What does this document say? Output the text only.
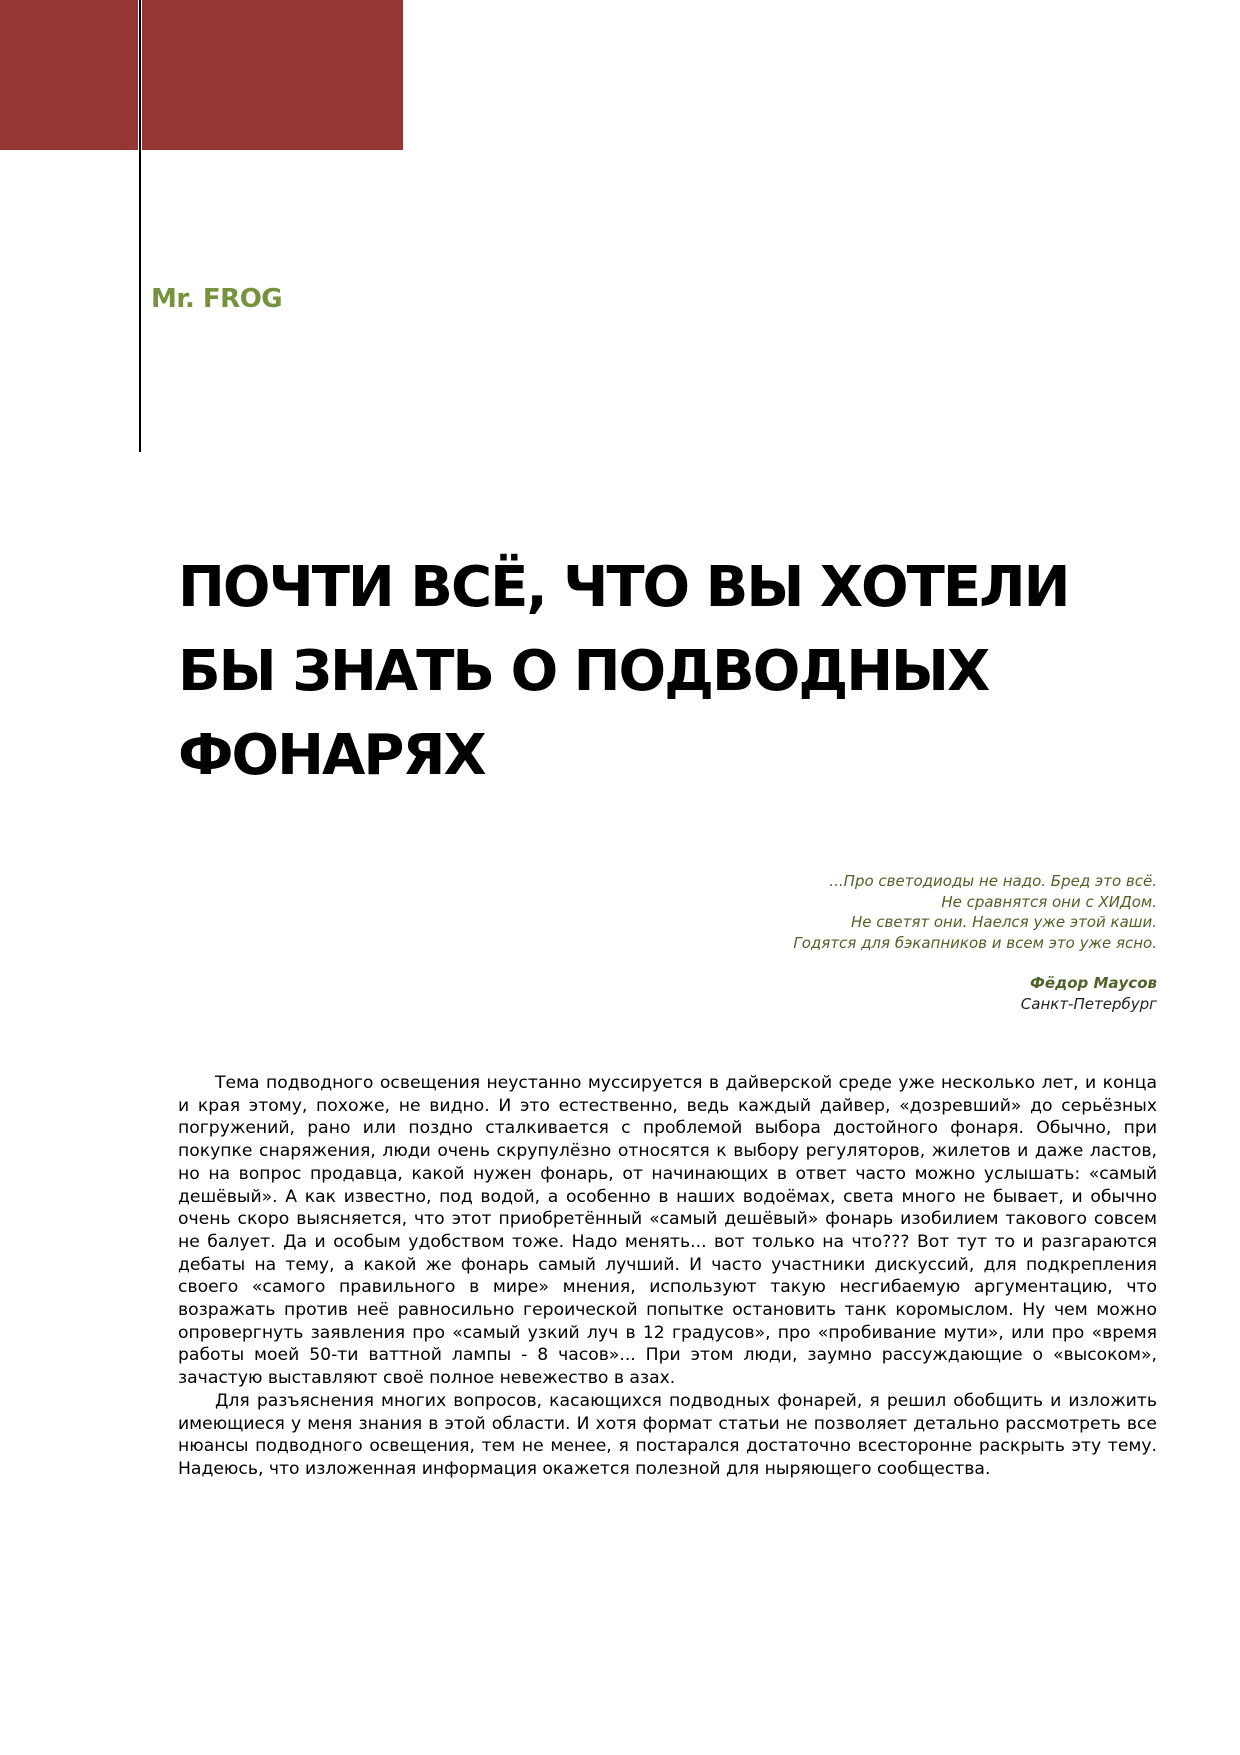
Mr. FROG
ПОЧТИ ВСЁ, ЧТО ВЫ ХОТЕЛИ
БЫ ЗНАТЬ О ПОДВОДНЫХ
ФОНАРЯХ
...Про светодиоды не надо. Бред это всё.
Не сравнятся они с ХИДом.
Не светят они. Наелся уже этой каши.
Годятся для бэкапников и всем это уже ясно.
Фёдор Маусов
Санкт-Петербург

Тема подводного освещения неустанно муссируется в дайверской среде уже несколько лет, и конца и края этому, похоже, не видно. И это естественно, ведь каждый дайвер, «дозревший» до серьёзных погружений, рано или поздно сталкивается с проблемой выбора достойного фонаря. Обычно, при покупке снаряжения, люди очень скрупулёзно относятся к выбору регуляторов, жилетов и даже ластов, но на вопрос продавца, какой нужен фонарь, от начинающих в ответ часто можно услышать: «самый дешёвый». А как известно, под водой, а особенно в наших водоёмах, света много не бывает, и обычно очень скоро выясняется, что этот приобретённый «самый дешёвый» фонарь изобилием такового совсем не балует. Да и особым удобством тоже. Надо менять... вот только на что??? Вот тут то и разгараются дебаты на тему, а какой же фонарь самый лучший. И часто участники дискуссий, для подкрепления своего «самого правильного в мире» мнения, используют такую несгибаемую аргументацию, что возражать против неё равносильно героической попытке остановить танк коромыслом. Ну чем можно опровергнуть заявления про «самый узкий луч в 12 градусов», про «пробивание мути», или про «время работы моей 50-ти ваттной лампы - 8 часов»... При этом люди, заумно рассуждающие о «высоком», зачастую выставляют своё полное невежество в азах.

Для разъяснения многих вопросов, касающихся подводных фонарей, я решил обобщить и изложить имеющиеся у меня знания в этой области. И хотя формат статьи не позволяет детально рассмотреть все нюансы подводного освещения, тем не менее, я постарался достаточно всесторонне раскрыть эту тему. Надеюсь, что изложенная информация окажется полезной для ныряющего сообщества.
